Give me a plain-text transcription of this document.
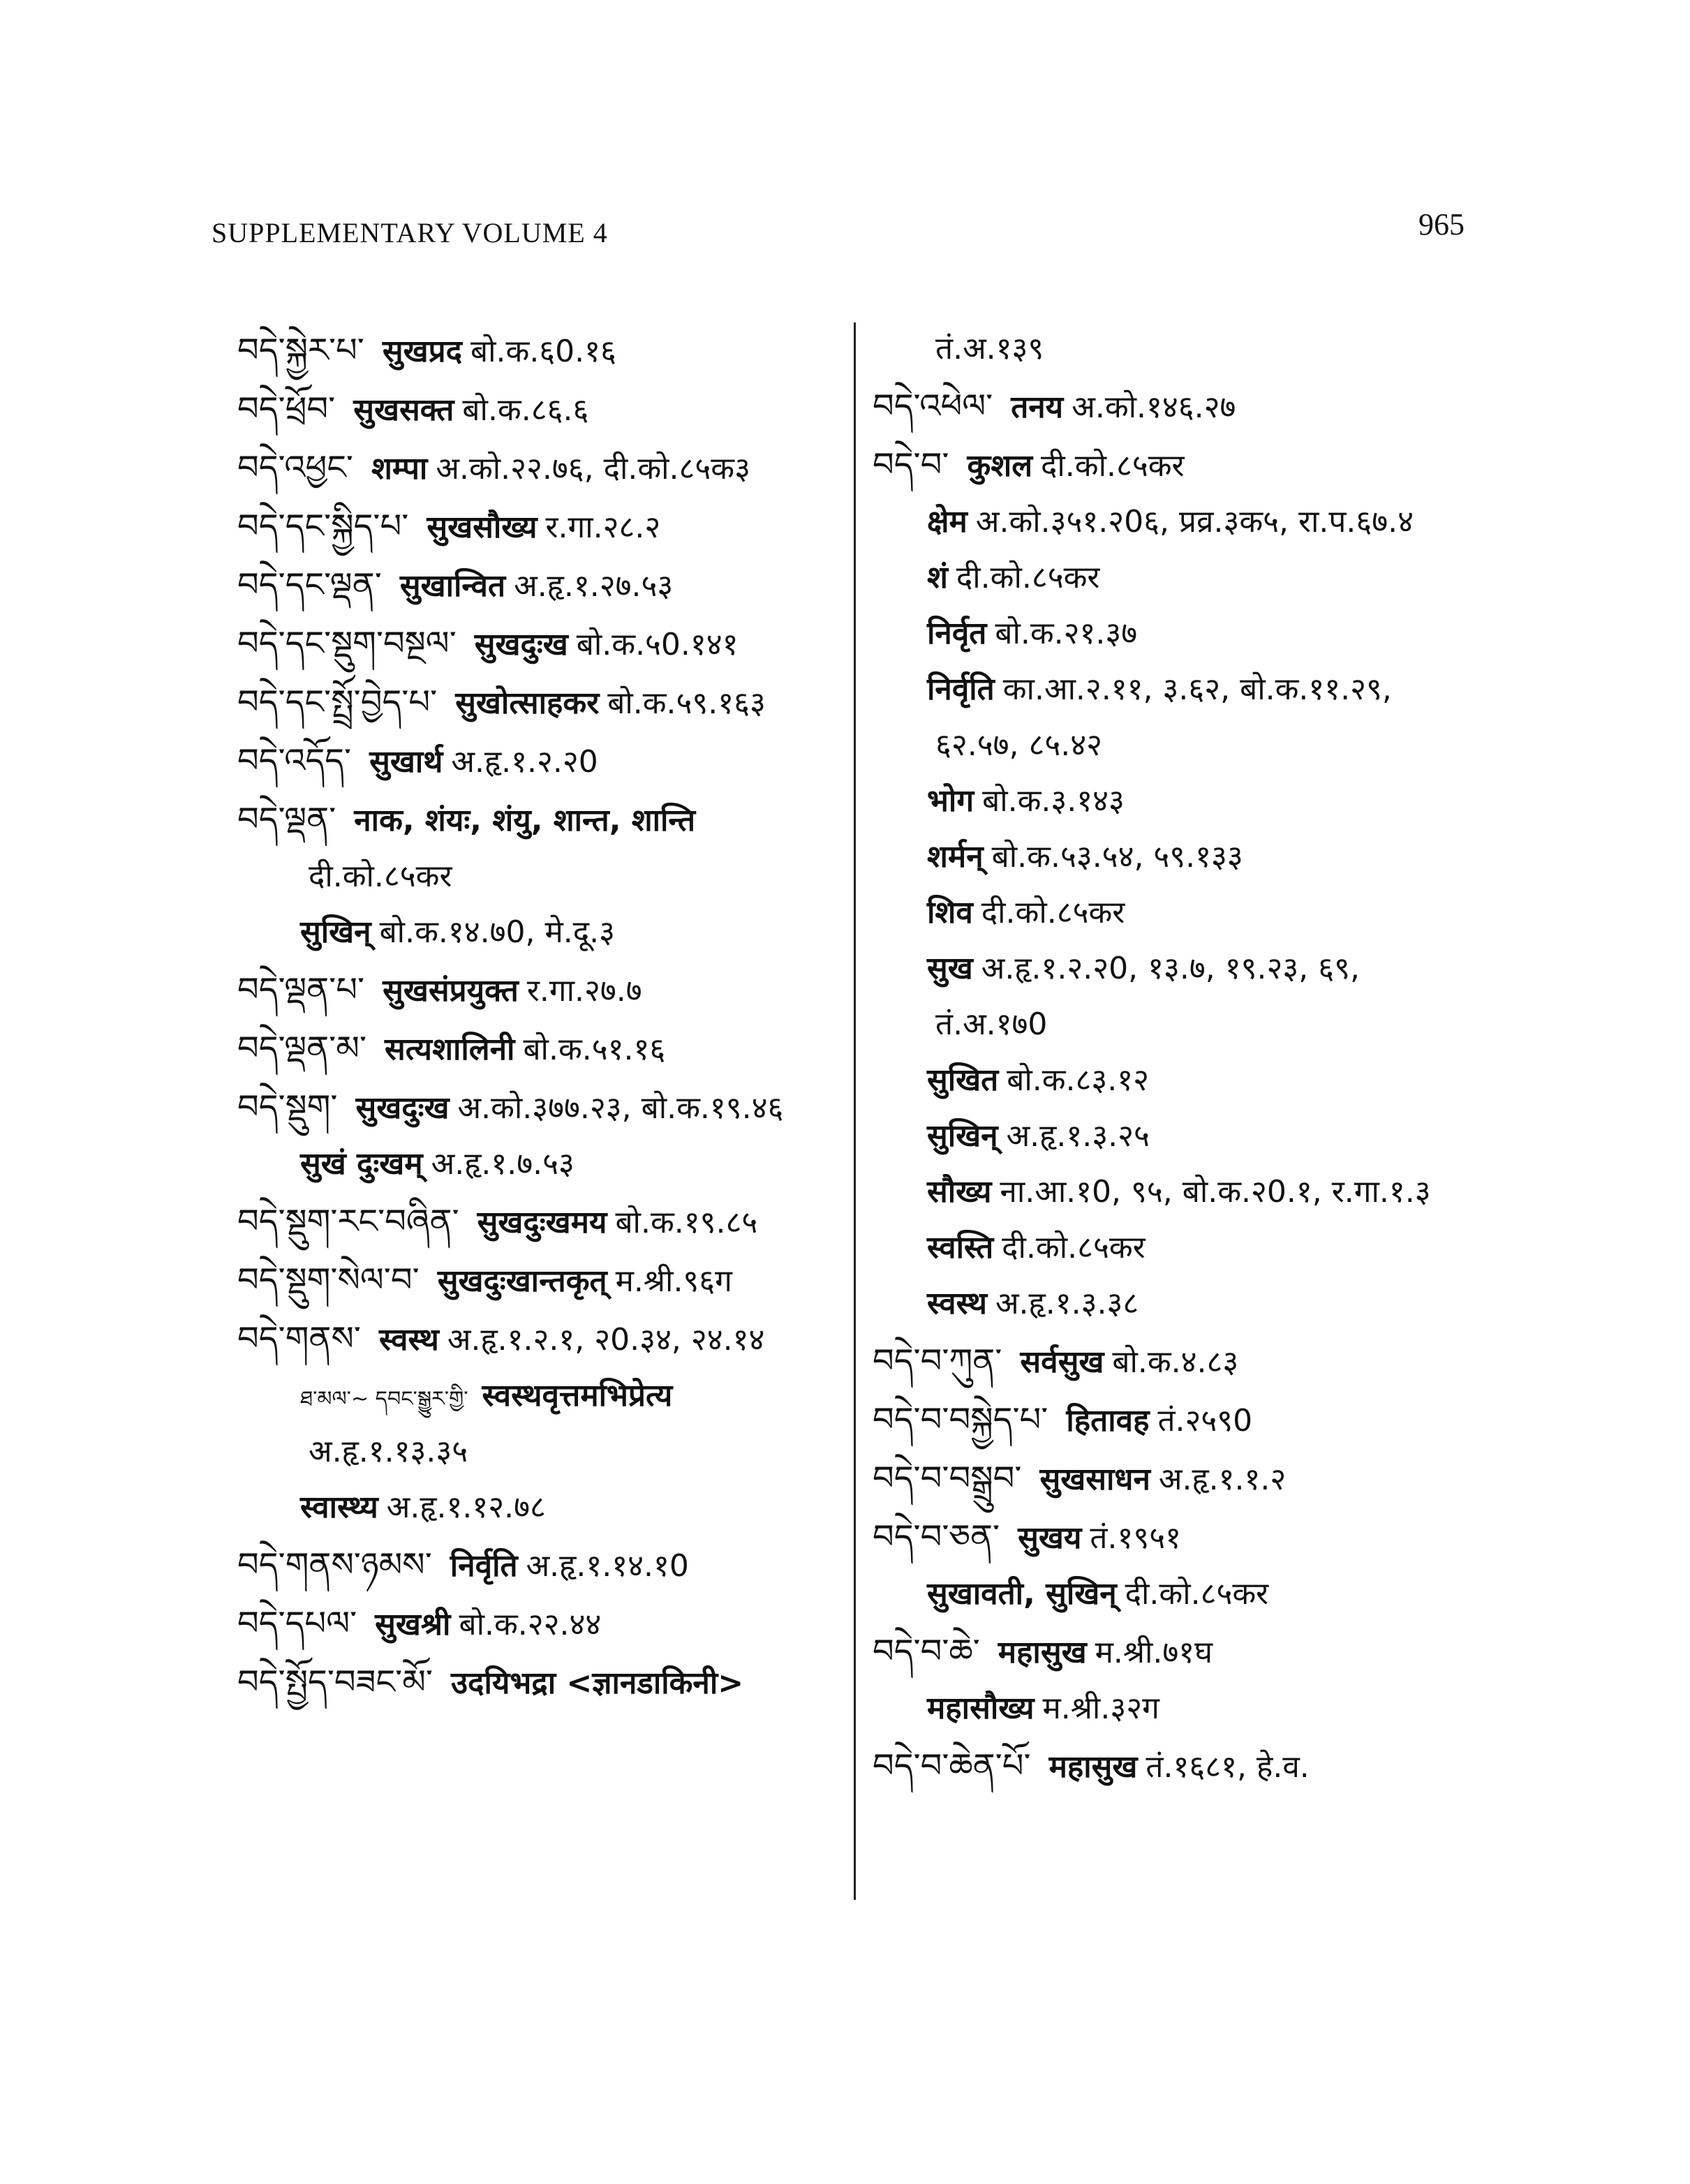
SUPPLEMENTARY VOLUME 4	965
བདེ་སྐྱེར་པ་ सुखप्रद बो.क.६0.१६
བདེ་ཕྲོབ་ सुखसक्त बो.क.८६.६
བདེ་འཕྱང་ शम्पा अ.को.२२.७६, दी.को.८५क३
བདེ་དང་སྐྱིད་པ་ सुखसौख्य र.गा.२८.२
བདེ་དང་ལྡན་ सुखान्वित अ.हृ.१.२७.५३
བདེ་དང་སྡུག་བསྔལ་ सुखदुःख बो.क.५0.१४१
བདེ་དང་སྤྲོ་བྱེད་པ་ सुखोत्साहकर बो.क.५९.१६३
བདེ་འདོད་ सुखार्थ अ.हृ.१.२.२0
བདེ་ལྡན་ नाक, शंयः, शंयु, शान्त, शान्ति
दी.को.८५कर
सुखिन् बो.क.१४.७0, मे.दू.३
བདེ་ལྡན་པ་ सुखसंप्रयुक्त र.गा.२७.७
བདེ་ལྡན་མ་ सत्यशालिनी बो.क.५१.१६
བདེ་སྡུག་ सुखदुःख अ.को.३७७.२३, बो.क.१९.४६
सुखं दुःखम् अ.हृ.१.७.५३
བདེ་སྡུག་རང་བཞིན་ सुखदुःखमय बो.क.१९.८५
བདེ་སྡུག་སེལ་བ་ सुखदुःखान्तकृत् म.श्री.९६ग
བདེ་གནས་ स्वस्थ अ.हृ.१.२.१, २0.३४, २४.१४
ཐ་མལ་~ དབང་སྒྱུར་གྱི་ स्वस्थवृत्तमभिप्रेत्य
अ.हृ.१.१३.३५
स्वास्थ्य अ.हृ.१.१२.७८
བདེ་གནས་ཉམས་ निर्वृति अ.हृ.१.१४.१0
བདེ་དཔལ་ सुखश्री बो.क.२२.४४
བདེ་སྤྱོད་བཟང་མོ་ उदयिभद्रा <ज्ञानडाकिनी>
तं.अ.१३९
བདེ་འཕེལ་ तनय अ.को.१४६.२७
བདེ་བ་ कुशल दी.को.८५कर
क्षेम अ.को.३५१.२0६, प्रव्र.३क५, रा.प.६७.४
शं दी.को.८५कर
निर्वृत बो.क.२१.३७
निर्वृति का.आ.२.११, ३.६२, बो.क.११.२९,
६२.५७, ८५.४२
भोग बो.क.३.१४३
शर्मन् बो.क.५३.५४, ५९.१३३
शिव दी.को.८५कर
सुख अ.हृ.१.२.२0, १३.७, १९.२३, ६९,
तं.अ.१७0
सुखित बो.क.८३.१२
सुखिन् अ.हृ.१.३.२५
सौख्य ना.आ.१0, ९५, बो.क.२0.१, र.गा.१.३
स्वस्ति दी.को.८५कर
स्वस्थ अ.हृ.१.३.३८
བདེ་བ་ཀུན་ सर्वसुख बो.क.४.८३
བདེ་བ་བསྐྱེད་པ་ हितावह तं.२५९0
བདེ་བ་བསྒྲུབ་ सुखसाधन अ.हृ.१.१.२
བདེ་བ་ཅན་ सुखय तं.१९५१
सुखावती, सुखिन् दी.को.८५कर
བདེ་བ་ཆེ་ महासुख म.श्री.७१घ
महासौख्य म.श्री.३२ग
བདེ་བ་ཆེན་པོ་ महासुख तं.१६८१, हे.व.
